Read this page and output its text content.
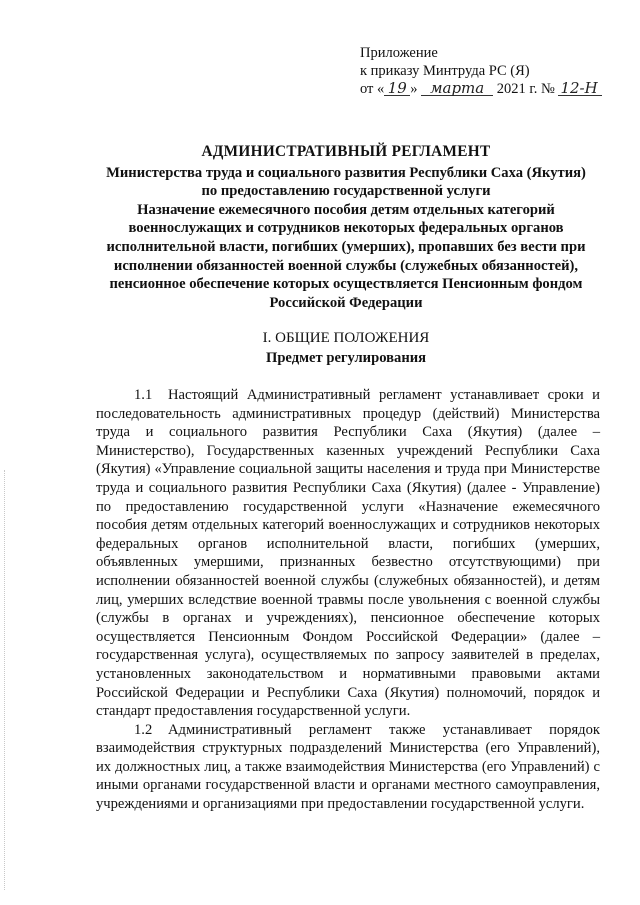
Приложение
к приказу Минтруда РС (Я)
от « 19 » марта 2021 г. № 12-Н
АДМИНИСТРАТИВНЫЙ РЕГЛАМЕНТ
Министерства труда и социального развития Республики Саха (Якутия)
по предоставлению государственной услуги
Назначение ежемесячного пособия детям отдельных категорий
военнослужащих и сотрудников некоторых федеральных органов
исполнительной власти, погибших (умерших), пропавших без вести при
исполнении обязанностей военной службы (служебных обязанностей),
пенсионное обеспечение которых осуществляется Пенсионным фондом
Российской Федерации
I. ОБЩИЕ ПОЛОЖЕНИЯ
Предмет регулирования

1.1 Настоящий Административный регламент устанавливает сроки и последовательность административных процедур (действий) Министерства труда и социального развития Республики Саха (Якутия) (далее – Министерство), Государственных казенных учреждений Республики Саха (Якутия) «Управление социальной защиты населения и труда при Министерстве труда и социального развития Республики Саха (Якутия) (далее - Управление) по предоставлению государственной услуги «Назначение ежемесячного пособия детям отдельных категорий военнослужащих и сотрудников некоторых федеральных органов исполнительной власти, погибших (умерших, объявленных умершими, признанных безвестно отсутствующими) при исполнении обязанностей военной службы (служебных обязанностей), и детям лиц, умерших вследствие военной травмы после увольнения с военной службы (службы в органах и учреждениях), пенсионное обеспечение которых осуществляется Пенсионным Фондом Российской Федерации» (далее – государственная услуга), осуществляемых по запросу заявителей в пределах, установленных законодательством и нормативными правовыми актами Российской Федерации и Республики Саха (Якутия) полномочий, порядок и стандарт предоставления государственной услуги.

1.2 Административный регламент также устанавливает порядок взаимодействия структурных подразделений Министерства (его Управлений), их должностных лиц, а также взаимодействия Министерства (его Управлений) с иными органами государственной власти и органами местного самоуправления, учреждениями и организациями при предоставлении государственной услуги.
